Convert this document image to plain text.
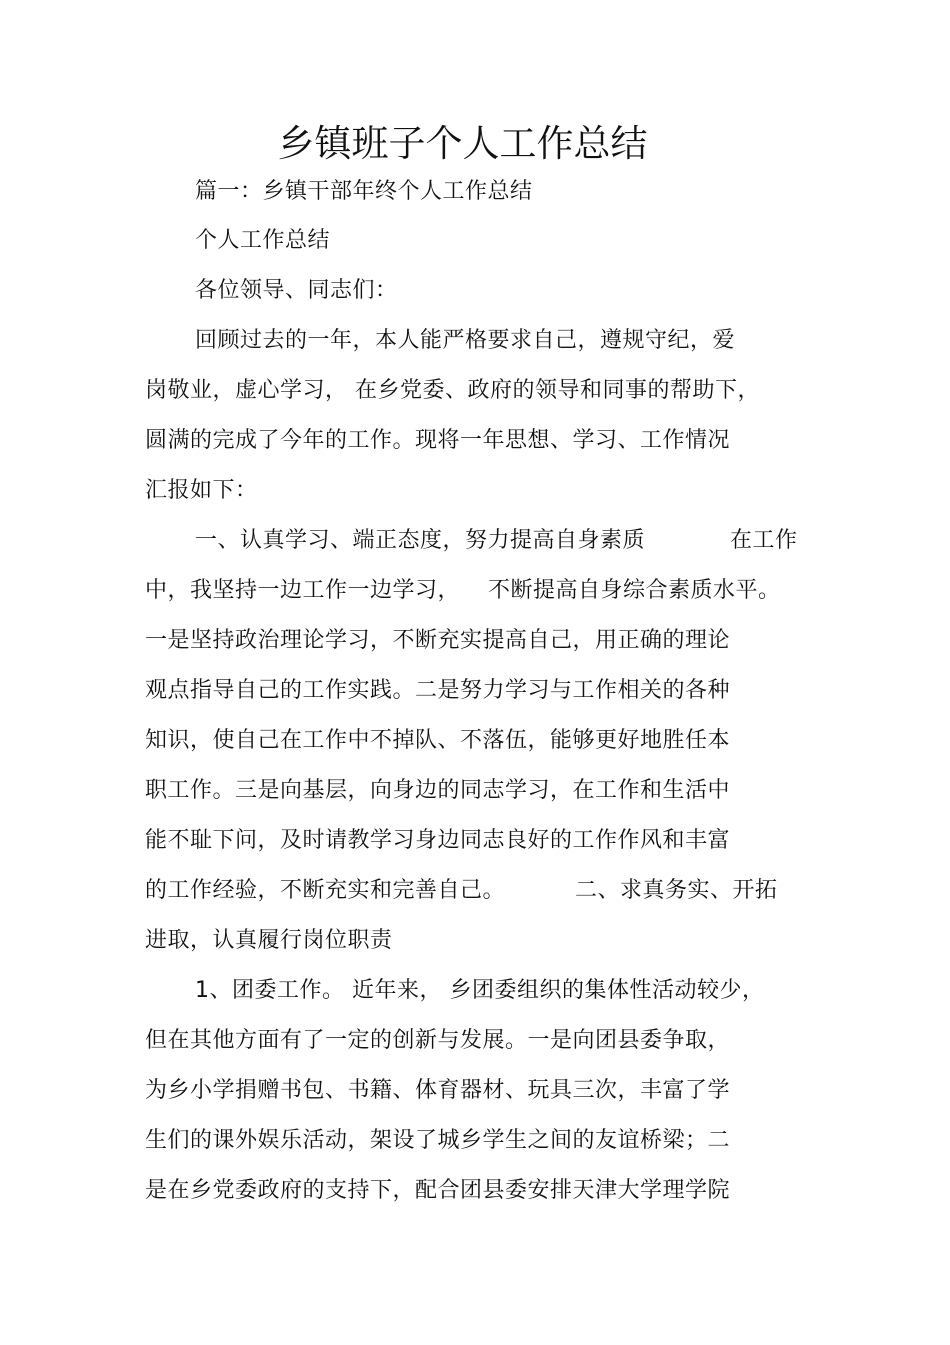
乡镇班子个人工作总结
篇一：乡镇干部年终个人工作总结
个人工作总结
各位领导、同志们：
回顾过去的一年，本人能严格要求自己，遵规守纪，爱
岗敬业，虚心学习， 在乡党委、政府的领导和同事的帮助下，
圆满的完成了今年的工作。现将一年思想、学习、工作情况
汇报如下：
一、认真学习、端正态度，努力提高自身素质	在工作
中，我坚持一边工作一边学习， 不断提高自身综合素质水平。
一是坚持政治理论学习，不断充实提高自己，用正确的理论
观点指导自己的工作实践。二是努力学习与工作相关的各种
知识，使自己在工作中不掉队、不落伍，能够更好地胜任本
职工作。三是向基层，向身边的同志学习，在工作和生活中
能不耻下问，及时请教学习身边同志良好的工作作风和丰富
的工作经验，不断充实和完善自己。	二、求真务实、开拓
进取，认真履行岗位职责
1、团委工作。 近年来， 乡团委组织的集体性活动较少，
但在其他方面有了一定的创新与发展。一是向团县委争取，
为乡小学捐赠书包、书籍、体育器材、玩具三次，丰富了学
生们的课外娱乐活动，架设了城乡学生之间的友谊桥梁；二
是在乡党委政府的支持下，配合团县委安排天津大学理学院
